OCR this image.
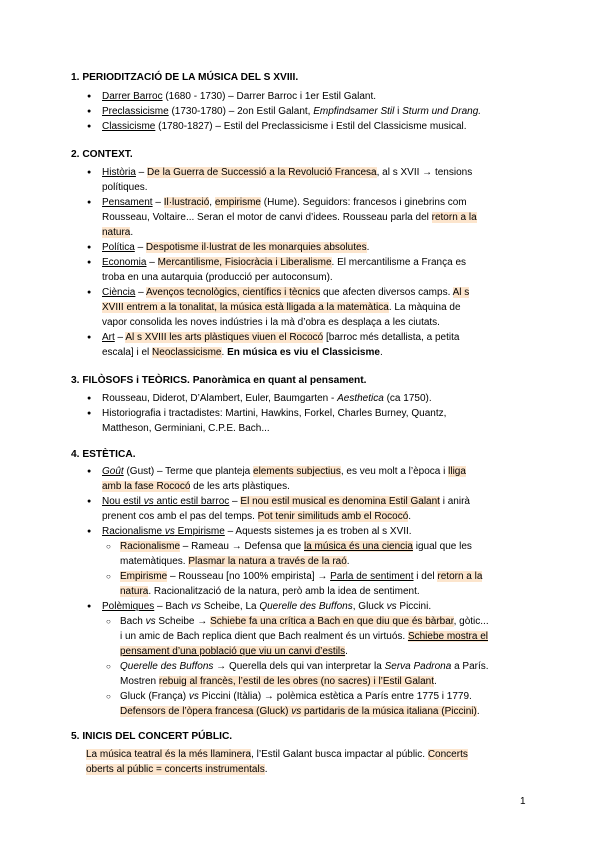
1. PERIODITZACIÓ DE LA MÚSICA DEL S XVIII.
● Darrer Barroc (1680 - 1730) – Darrer Barroc i 1er Estil Galant.
● Preclassicisme (1730-1780) – 2on Estil Galant, Empfindsamer Stil i Sturm und Drang.
● Classicisme (1780-1827) – Estil del Preclassicisme i Estil del Classicisme musical.
2. CONTEXT.
● Història – De la Guerra de Successió a la Revolució Francesa, al s XVII → tensions
polítiques.
● Pensament – Il·lustració, empirisme (Hume). Seguidors: francesos i ginebrins com
Rousseau, Voltaire... Seran el motor de canvi d’idees. Rousseau parla del retorn a la
natura.
● Política – Despotisme il·lustrat de les monarquies absolutes.
● Economia – Mercantilisme, Fisiocràcia i Liberalisme. El mercantilisme a França es
troba en una autarquia (producció per autoconsum).
● Ciència – Avenços tecnològics, científics i tècnics que afecten diversos camps. Al s
XVIII entrem a la tonalitat, la música està lligada a la matemàtica. La màquina de
vapor consolida les noves indústries i la mà d’obra es desplaça a les ciutats.
● Art – Al s XVIII les arts plàstiques viuen el Rococó [barroc més detallista, a petita
escala] i el Neoclassicisme. En música es viu el Classicisme.
3. FILÒSOFS i TEÒRICS. Panoràmica en quant al pensament.
● Rousseau, Diderot, D’Alambert, Euler, Baumgarten - Aesthetica (ca 1750).
● Historiografia i tractadistes: Martini, Hawkins, Forkel, Charles Burney, Quantz,
Mattheson, Germiniani, C.P.E. Bach...
4. ESTÈTICA.
● Goût (Gust) – Terme que planteja elements subjectius, es veu molt a l’època i lliga
amb la fase Rococó de les arts plàstiques.
● Nou estil vs antic estil barroc – El nou estil musical es denomina Estil Galant i anirà
prenent cos amb el pas del temps. Pot tenir similituds amb el Rococó.
● Racionalisme vs Empirisme – Aquests sistemes ja es troben al s XVII.
○ Racionalisme – Rameau → Defensa que la música és una ciencia igual que les
matemàtiques. Plasmar la natura a través de la raó.
○ Empirisme – Rousseau [no 100% empirista] → Parla de sentiment i del retorn a la
natura. Racionalització de la natura, però amb la idea de sentiment.
● Polèmiques – Bach vs Scheibe, La Querelle des Buffons, Gluck vs Piccini.
○ Bach vs Scheibe → Schiebe fa una crítica a Bach en que diu que és bàrbar, gòtic...
i un amic de Bach replica dient que Bach realment és un virtuós. Schiebe mostra el
pensament d’una població que viu un canvi d’estils.
○ Querelle des Buffons → Querella dels qui van interpretar la Serva Padrona a París.
Mostren rebuig al francès, l’estil de les obres (no sacres) i l’Estil Galant.
○ Gluck (França) vs Piccini (Itàlia) → polèmica estètica a París entre 1775 i 1779.
Defensors de l’òpera francesa (Gluck) vs partidaris de la música italiana (Piccini).
5. INICIS DEL CONCERT PÚBLIC.
La música teatral és la més llaminera, l’Estil Galant busca impactar al públic. Concerts
oberts al públic = concerts instrumentals.
1
